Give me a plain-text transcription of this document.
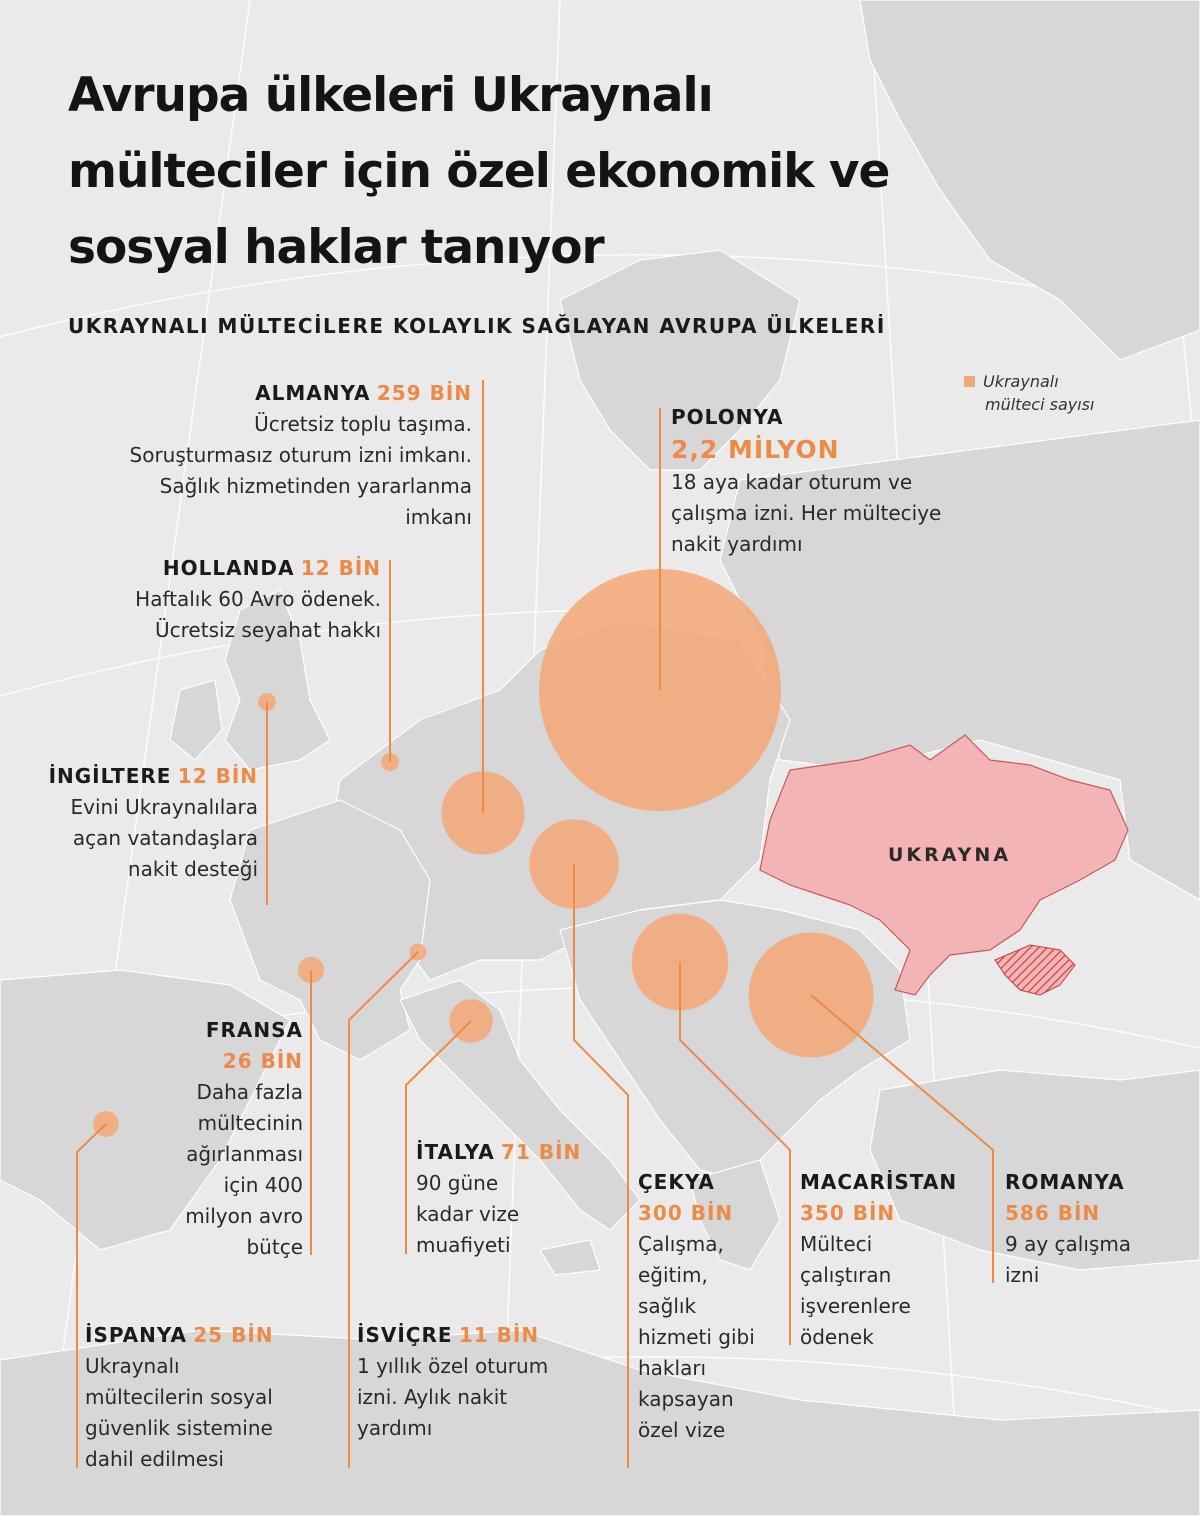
Avrupa ülkeleri Ukraynalı
mülteciler için özel ekonomik ve
sosyal haklar tanıyor
UKRAYNALI MÜLTECİLERE KOLAYLIK SAĞLAYAN AVRUPA ÜLKELERİ
Ukraynalı
mülteci sayısı
UKRAYNA
ALMANYA 259 BİN
Ücretsiz toplu taşıma.
Soruşturmasız oturum izni imkanı.
Sağlık hizmetinden yararlanma
imkanı
POLONYA
2,2 MİLYON
18 aya kadar oturum ve
çalışma izni. Her mülteciye
nakit yardımı
HOLLANDA 12 BİN
Haftalık 60 Avro ödenek.
Ücretsiz seyahat hakkı
İNGİLTERE 12 BİN
Evini Ukraynalılara
açan vatandaşlara
nakit desteği
FRANSA
26 BİN
Daha fazla
mültecinin
ağırlanması
için 400
milyon avro
bütçe
İSPANYA 25 BİN
Ukraynalı
mültecilerin sosyal
güvenlik sistemine
dahil edilmesi
İSVİÇRE 11 BİN
1 yıllık özel oturum
izni. Aylık nakit
yardımı
İTALYA 71 BİN
90 güne
kadar vize
muafiyeti
ÇEKYA
300 BİN
Çalışma,
eğitim,
sağlık
hizmeti gibi
hakları
kapsayan
özel vize
MACARİSTAN
350 BİN
Mülteci
çalıştıran
işverenlere
ödenek
ROMANYA
586 BİN
9 ay çalışma
izni
